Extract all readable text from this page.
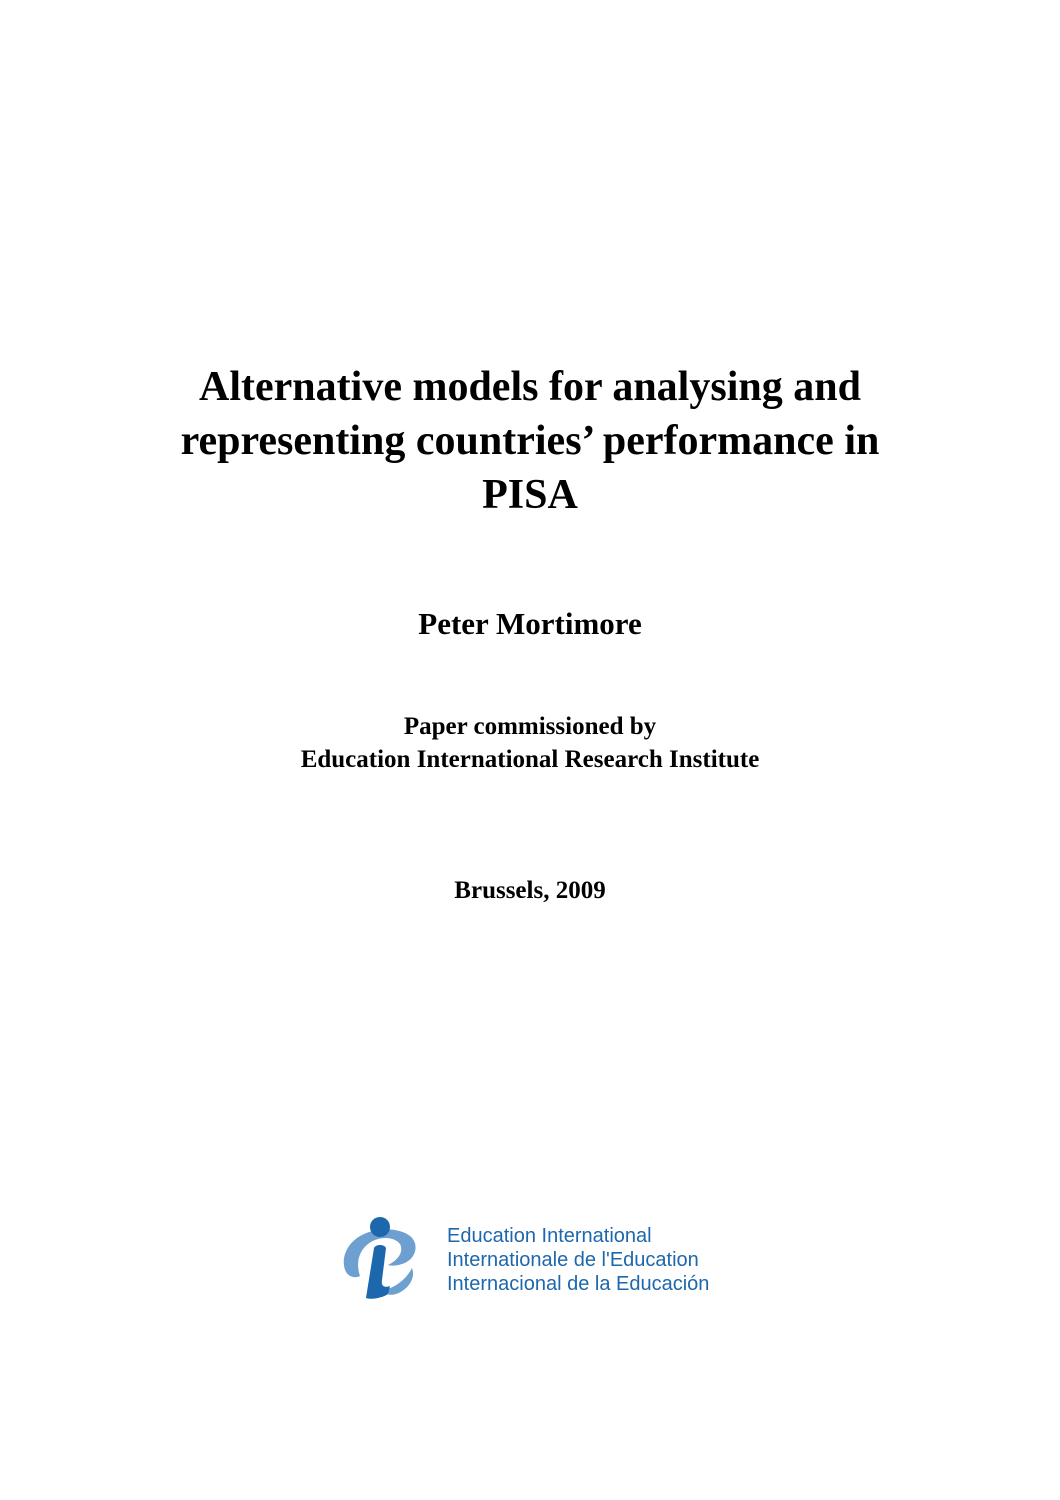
Alternative models for analysing and
representing countries’ performance in
PISA
Peter Mortimore
Paper commissioned by
Education International Research Institute
Brussels, 2009
Education International
Internationale de l'Education
Internacional de la Educación
